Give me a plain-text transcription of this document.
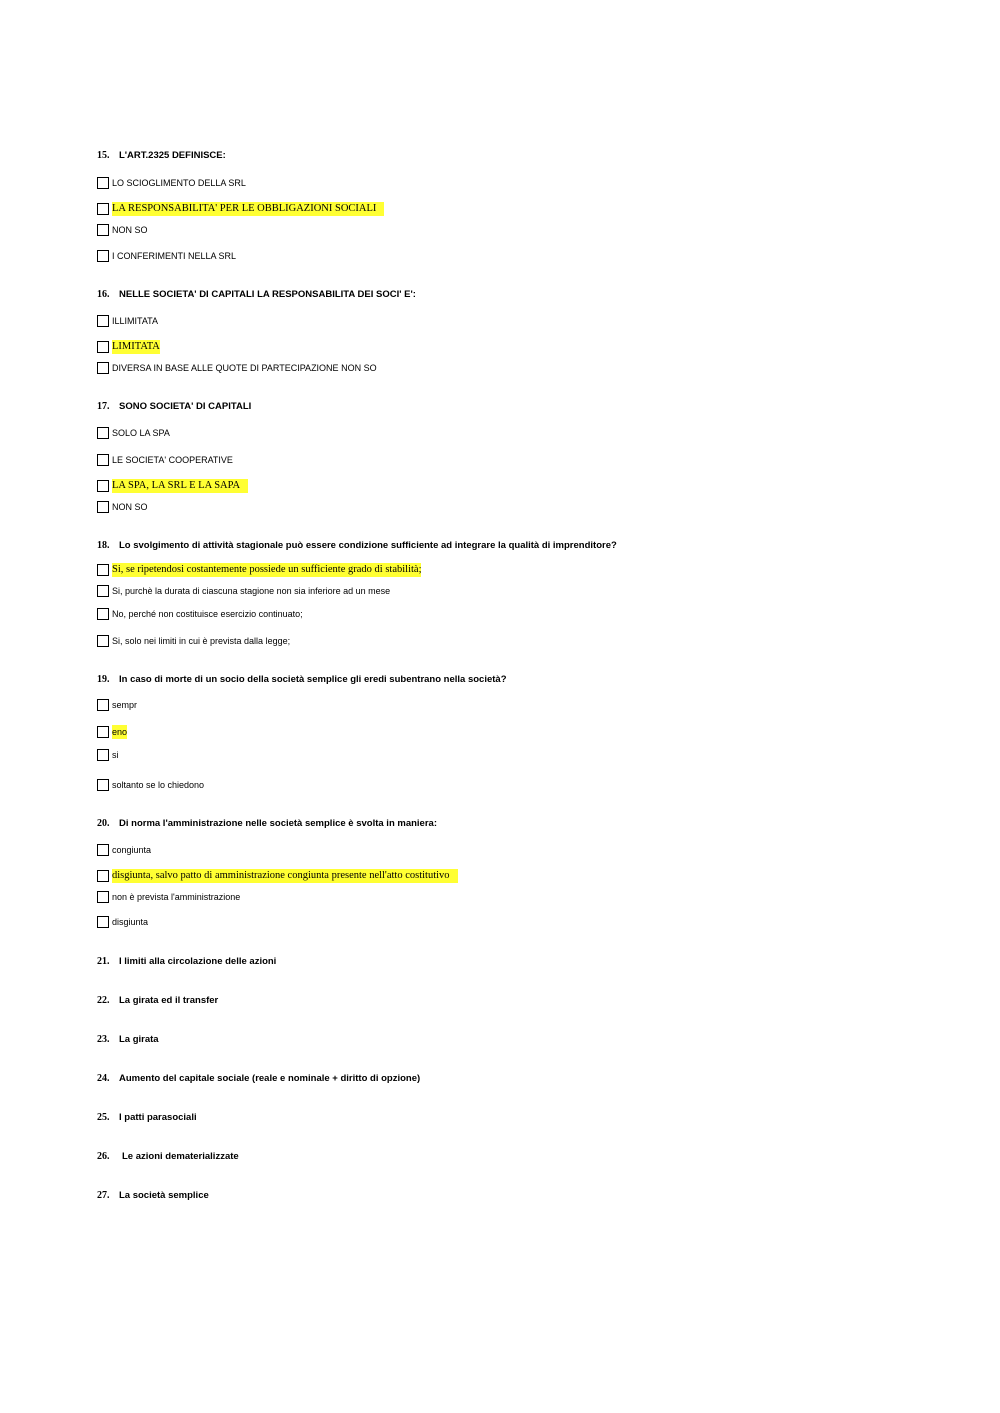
15. L'ART.2325 DEFINISCE:
LO SCIOGLIMENTO DELLA SRL
LA RESPONSABILITA' PER LE OBBLIGAZIONI SOCIALI
NON SO
I CONFERIMENTI NELLA SRL
16. NELLE SOCIETA' DI CAPITALI LA RESPONSABILITA DEI SOCI' E':
ILLIMITATA
LIMITATA
DIVERSA IN BASE ALLE QUOTE DI PARTECIPAZIONE NON SO
17. SONO SOCIETA' DI CAPITALI
SOLO LA SPA
LE SOCIETA' COOPERATIVE
LA SPA, LA SRL E LA SAPA
NON SO
18. Lo svolgimento di attività stagionale può essere condizione sufficiente ad integrare la qualità di imprenditore?
Si, se ripetendosi costantemente possiede un sufficiente grado di stabilità;
Si, purchè la durata di ciascuna stagione non sia inferiore ad un mese
No, perché non costituisce esercizio continuato;
Si, solo nei limiti in cui è prevista dalla legge;
19. In caso di morte di un socio della società semplice gli eredi subentrano nella società?
sempr
eno
si
soltanto se lo chiedono
20. Di norma l'amministrazione nelle società semplice è svolta in maniera:
congiunta
disgiunta, salvo patto di amministrazione congiunta presente nell'atto costitutivo
non è prevista l'amministrazione
disgiunta
21. I limiti alla circolazione delle azioni
22. La girata ed il transfer
23. La girata
24. Aumento del capitale sociale (reale e nominale + diritto di opzione)
25. I patti parasociali
26. Le azioni dematerializzate
27. La società semplice
